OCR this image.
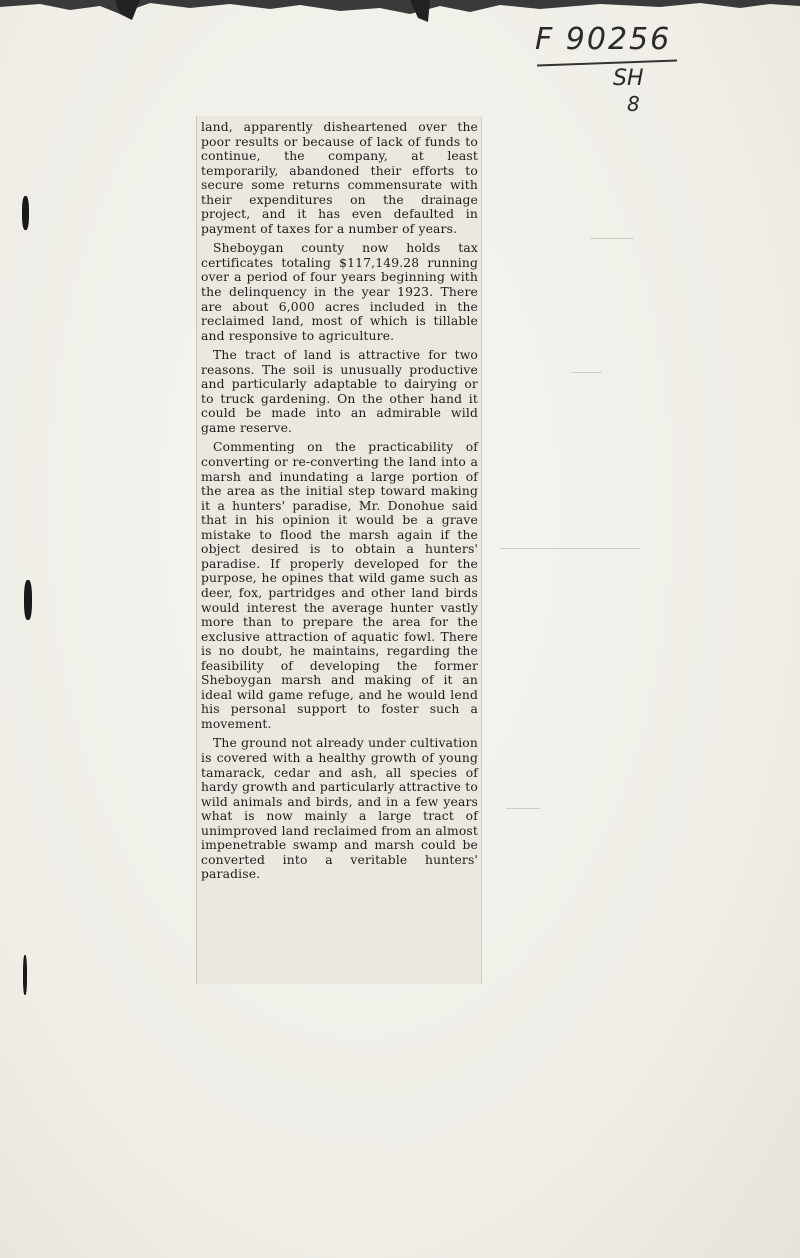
F 90256
SH
8

land, apparently disheartened over the poor results or because of lack of funds to continue, the company, at least temporarily, abandoned their efforts to secure some returns commensurate with their expenditures on the drainage project, and it has even defaulted in payment of taxes for a number of years.

Sheboygan county now holds tax certificates totaling $117,149.28 running over a period of four years beginning with the delinquency in the year 1923. There are about 6,000 acres included in the reclaimed land, most of which is tillable and responsive to agriculture.

The tract of land is attractive for two reasons. The soil is unusually productive and particularly adaptable to dairying or to truck gardening. On the other hand it could be made into an admirable wild game reserve.

Commenting on the practicability of converting or re-converting the land into a marsh and inundating a large portion of the area as the initial step toward making it a hunters' paradise, Mr. Donohue said that in his opinion it would be a grave mistake to flood the marsh again if the object desired is to obtain a hunters' paradise. If properly developed for the purpose, he opines that wild game such as deer, fox, partridges and other land birds would interest the average hunter vastly more than to prepare the area for the exclusive attraction of aquatic fowl. There is no doubt, he maintains, regarding the feasibility of developing the former Sheboygan marsh and making of it an ideal wild game refuge, and he would lend his personal support to foster such a movement.

The ground not already under cultivation is covered with a healthy growth of young tamarack, cedar and ash, all species of hardy growth and particularly attractive to wild animals and birds, and in a few years what is now mainly a large tract of unimproved land reclaimed from an almost impenetrable swamp and marsh could be converted into a veritable hunters' paradise.
